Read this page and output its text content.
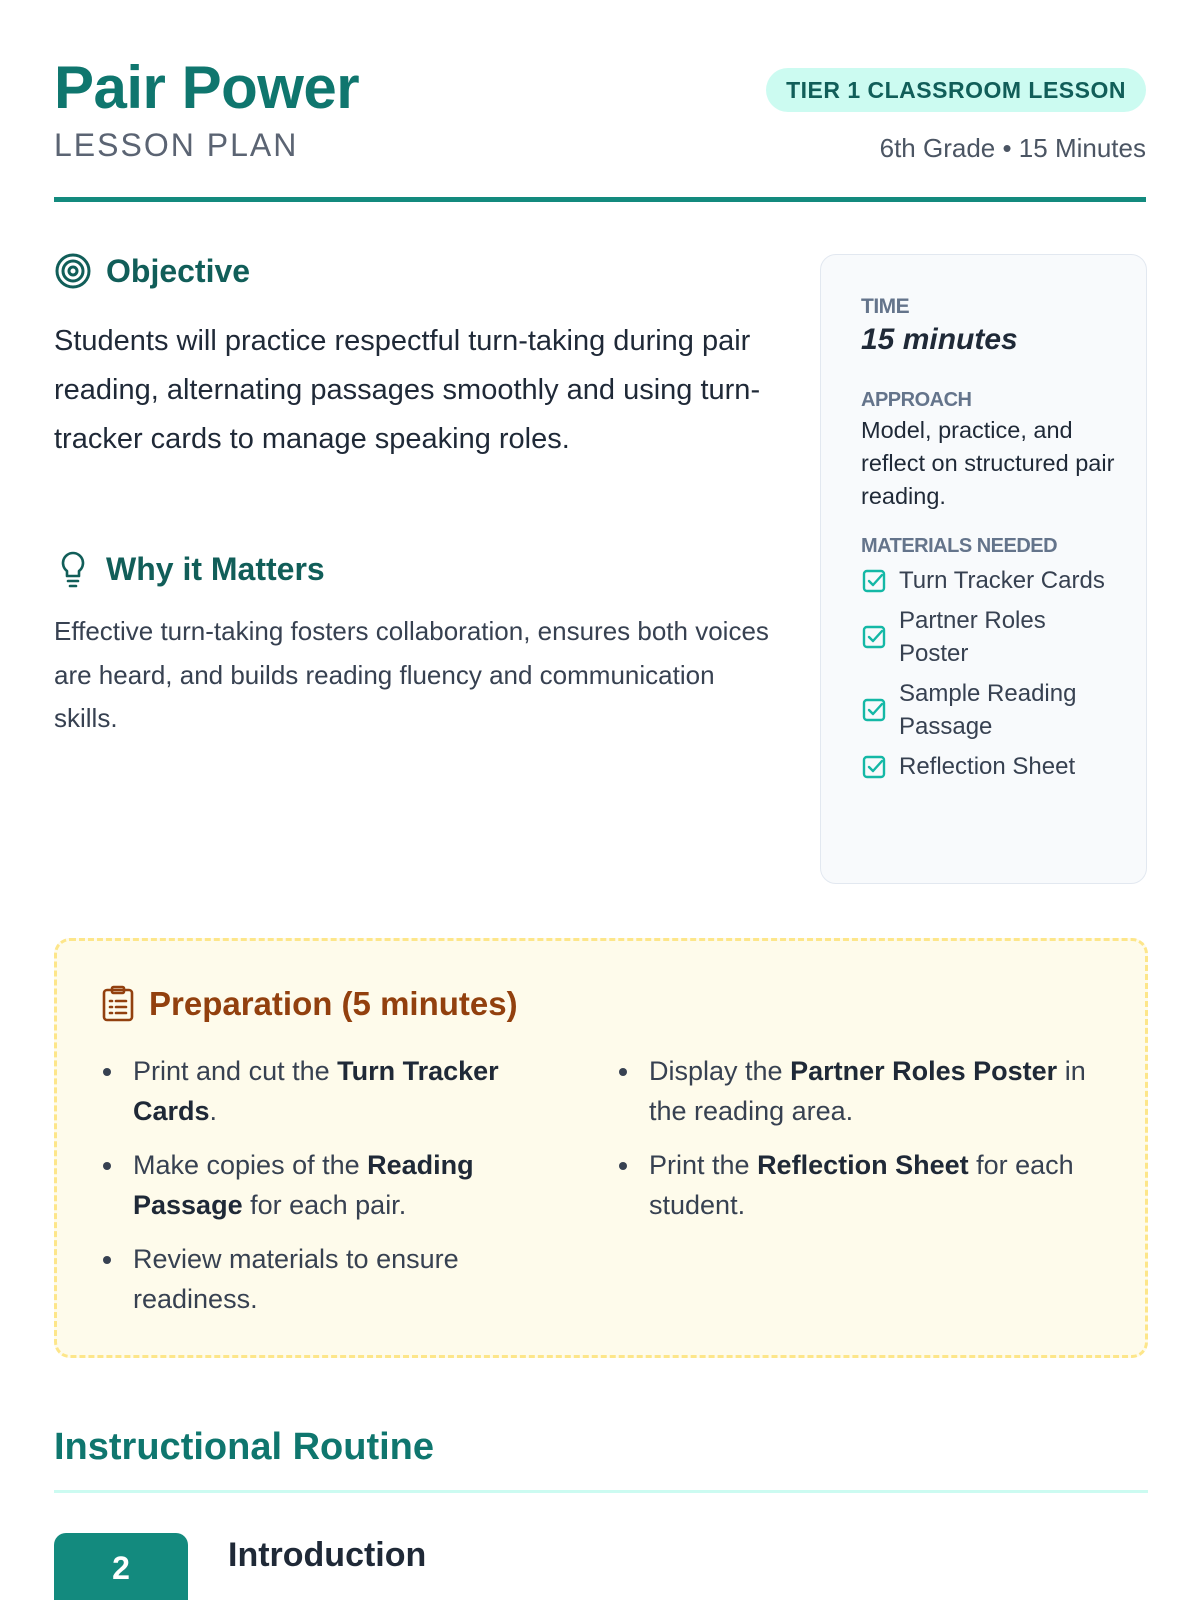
Pair Power
LESSON PLAN
TIER 1 CLASSROOM LESSON
6th Grade • 15 Minutes
Objective

Students will practice respectful turn-taking during pair reading, alternating passages smoothly and using turn-tracker cards to manage speaking roles.

Why it Matters

Effective turn-taking fosters collaboration, ensures both voices are heard, and builds reading fluency and communication skills.

TIME
15 minutes
APPROACH
Model, practice, and reflect on structured pair reading.
MATERIALS NEEDED
Turn Tracker Cards
Partner Roles Poster
Sample Reading Passage
Reflection Sheet
Preparation (5 minutes)
Print and cut the Turn Tracker Cards.
Make copies of the Reading Passage for each pair.
Review materials to ensure readiness.
Display the Partner Roles Poster in the reading area.
Print the Reflection Sheet for each student.
Instructional Routine
2	Introduction
